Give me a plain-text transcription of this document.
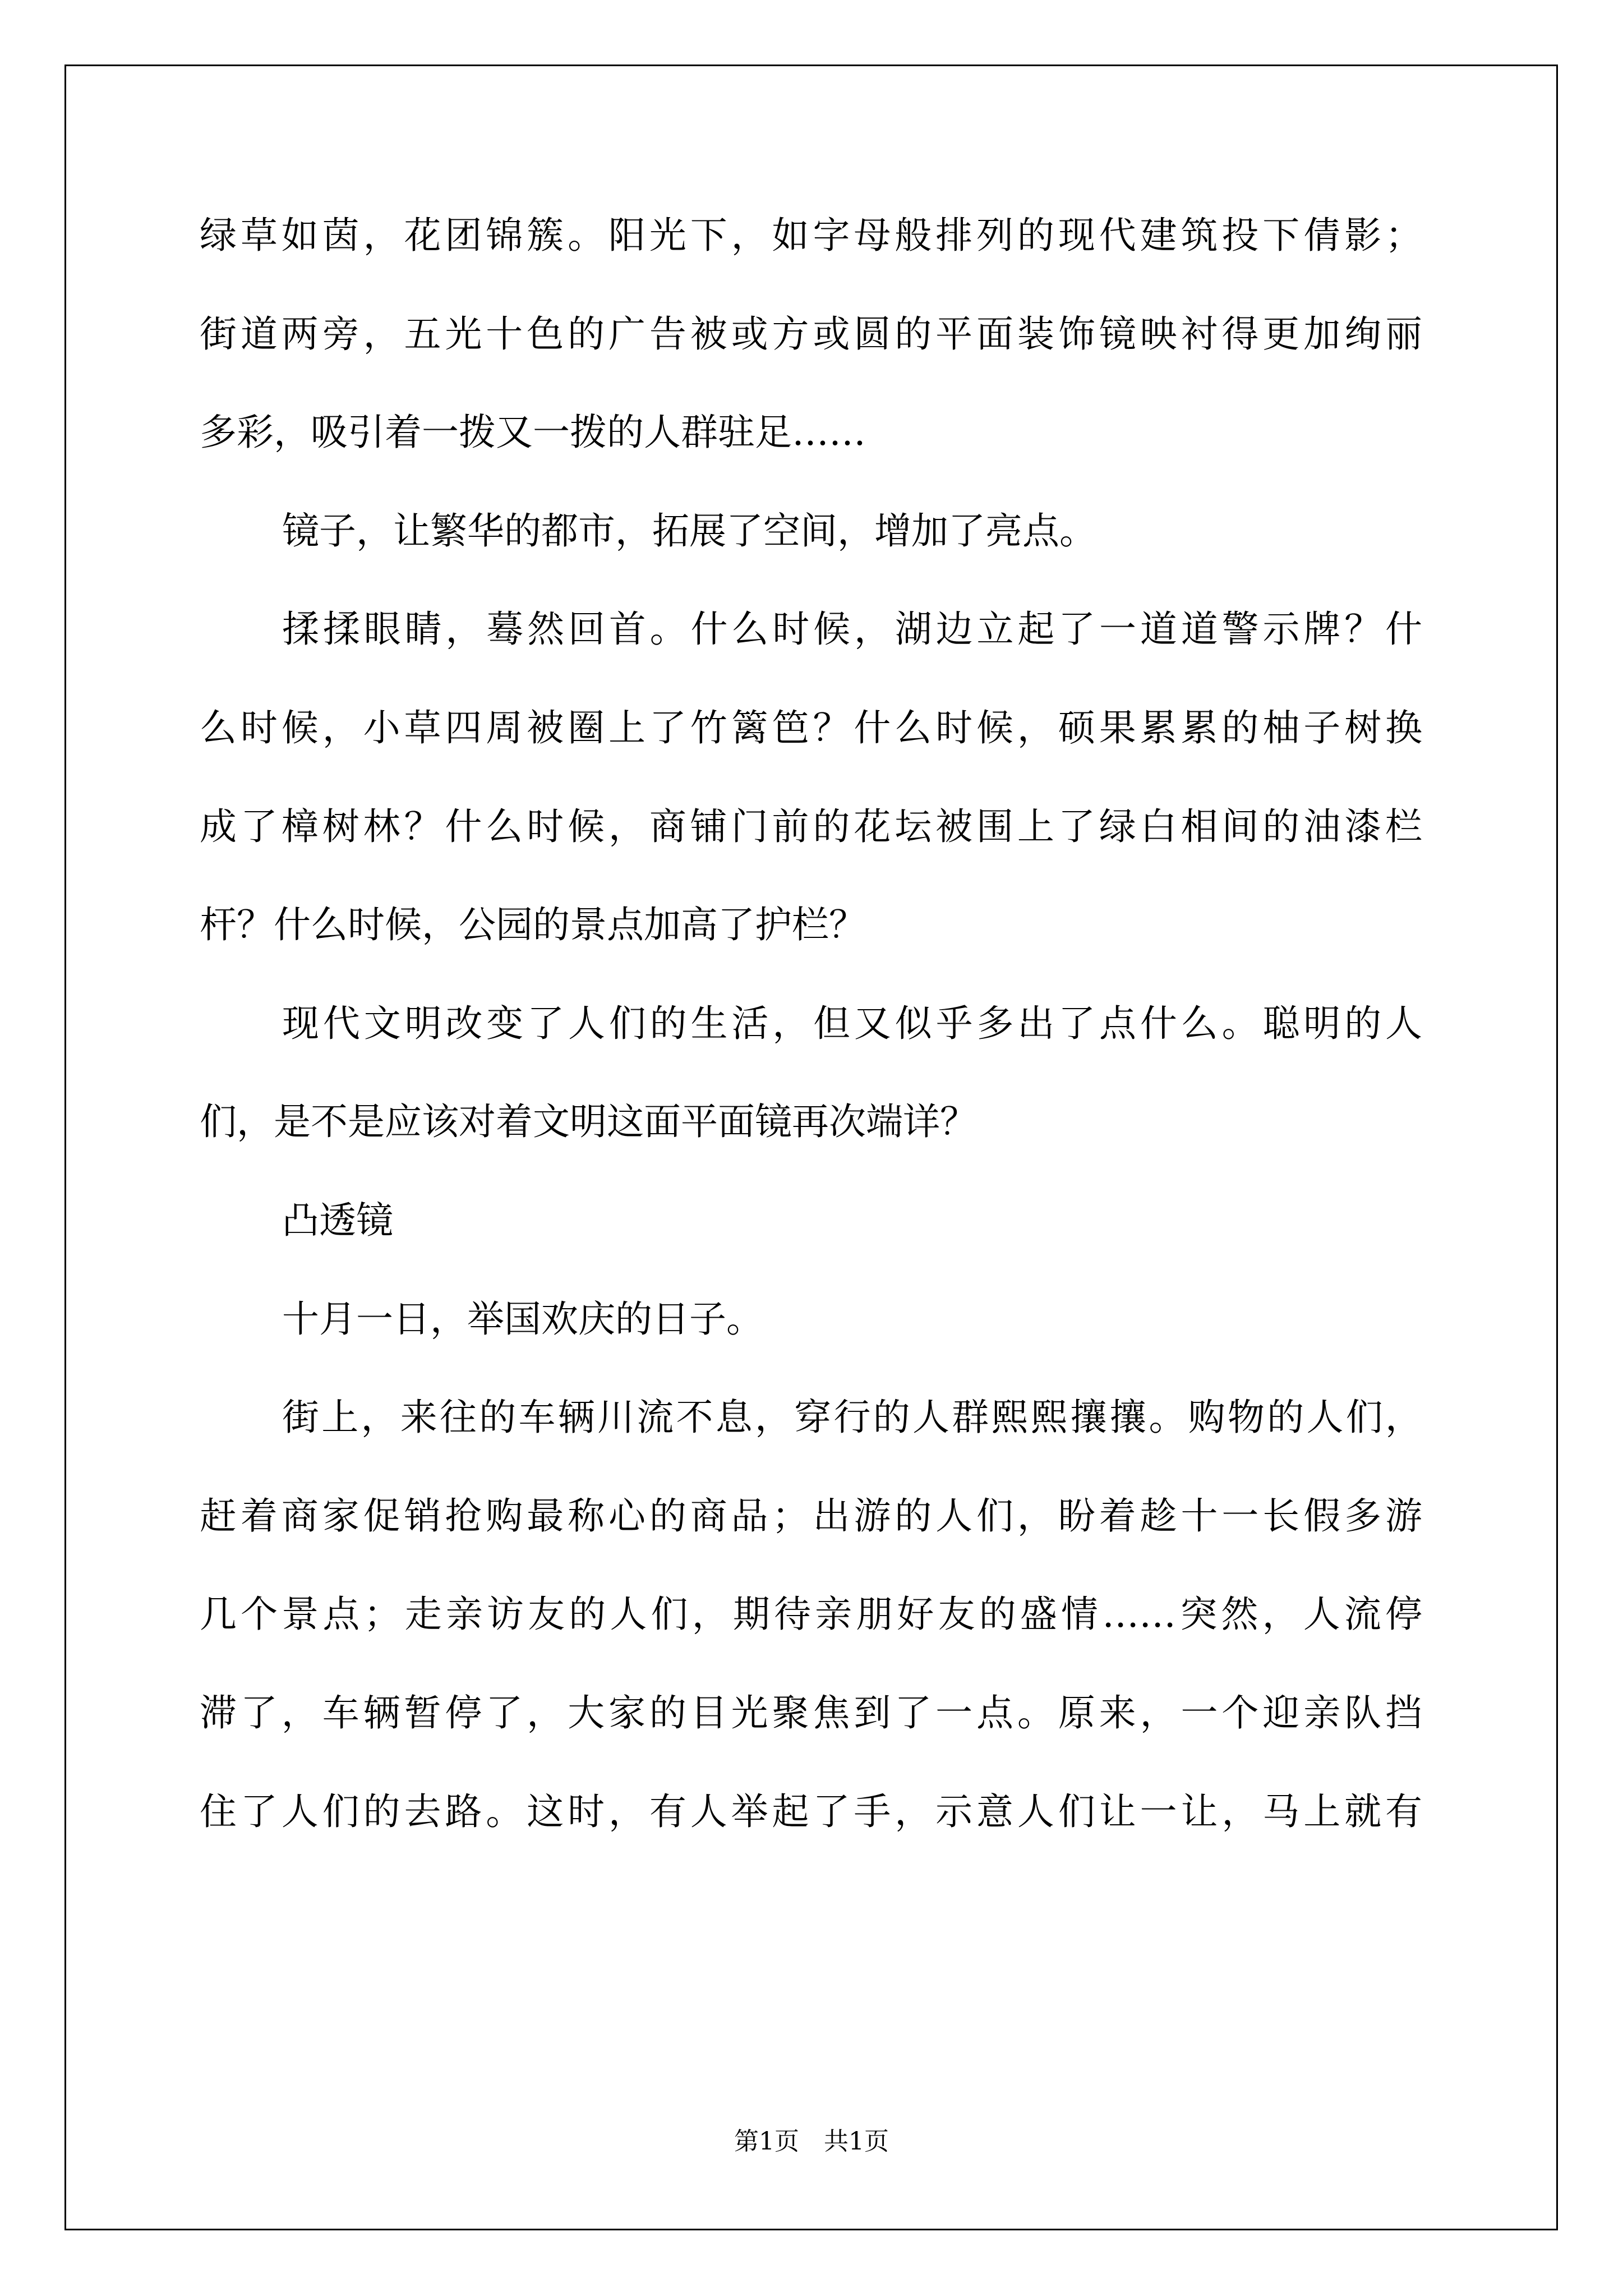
绿草如茵，花团锦簇。阳光下，如字母般排列的现代建筑投下倩影；
街道两旁，五光十色的广告被或方或圆的平面装饰镜映衬得更加绚丽
多彩，吸引着一拨又一拨的人群驻足……
镜子，让繁华的都市，拓展了空间，增加了亮点。
揉揉眼睛，蓦然回首。什么时候，湖边立起了一道道警示牌？什
么时候，小草四周被圈上了竹篱笆？什么时候，硕果累累的柚子树换
成了樟树林？什么时候，商铺门前的花坛被围上了绿白相间的油漆栏
杆？什么时候，公园的景点加高了护栏？
现代文明改变了人们的生活，但又似乎多出了点什么。聪明的人
们，是不是应该对着文明这面平面镜再次端详？
凸透镜
十月一日，举国欢庆的日子。
街上，来往的车辆川流不息，穿行的人群熙熙攘攘。购物的人们，
赶着商家促销抢购最称心的商品；出游的人们，盼着趁十一长假多游
几个景点；走亲访友的人们，期待亲朋好友的盛情……突然，人流停
滞了，车辆暂停了，大家的目光聚焦到了一点。原来，一个迎亲队挡
住了人们的去路。这时，有人举起了手，示意人们让一让，马上就有
第1页　共1页
